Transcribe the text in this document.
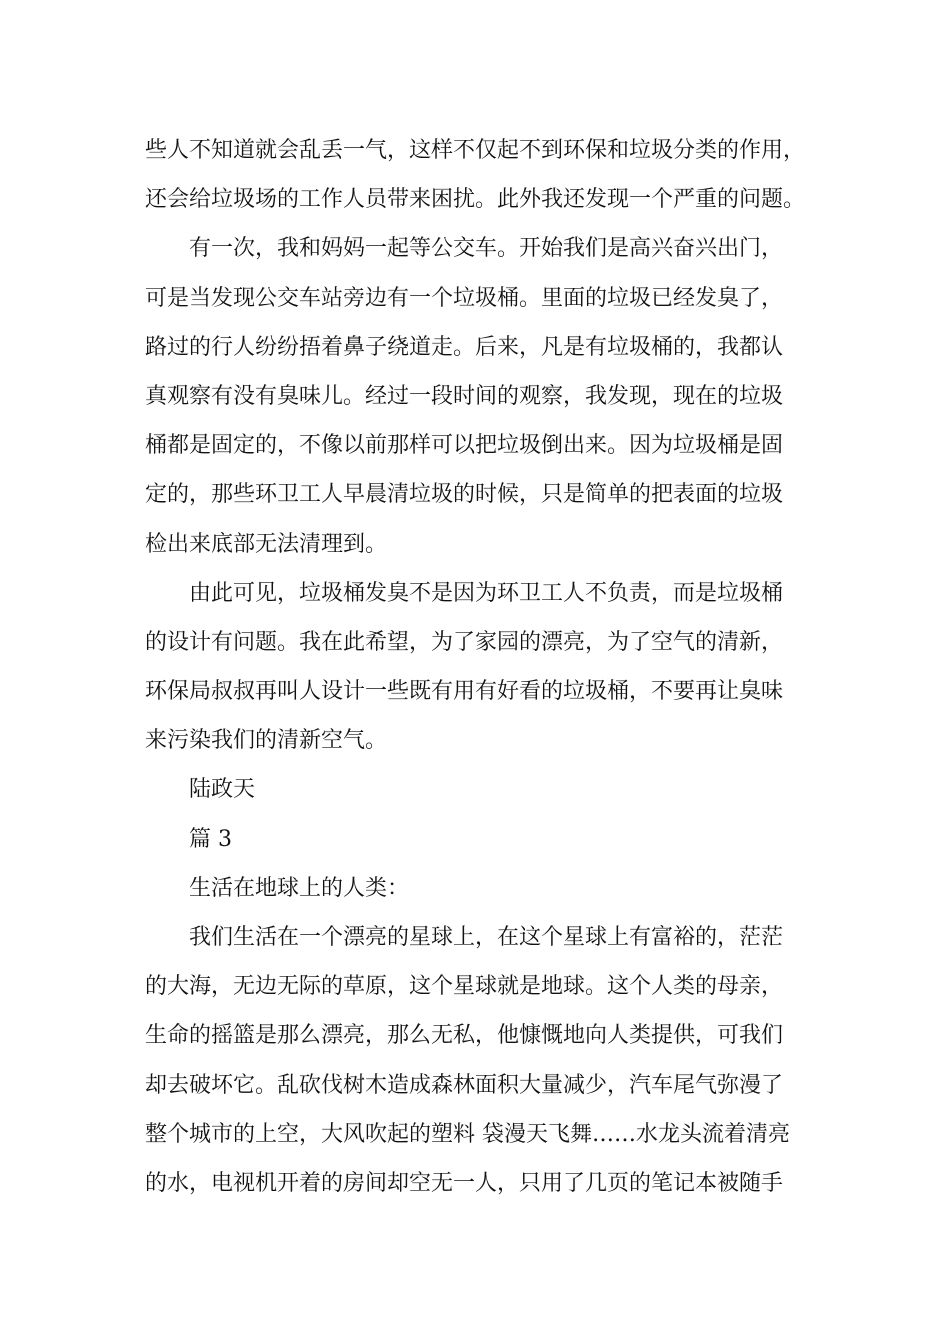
些人不知道就会乱丢一气，这样不仅起不到环保和垃圾分类的作用，
还会给垃圾场的工作人员带来困扰。此外我还发现一个严重的问题。
有一次，我和妈妈一起等公交车。开始我们是高兴奋兴出门，
可是当发现公交车站旁边有一个垃圾桶。里面的垃圾已经发臭了，
路过的行人纷纷捂着鼻子绕道走。后来，凡是有垃圾桶的，我都认
真观察有没有臭味儿。经过一段时间的观察，我发现，现在的垃圾
桶都是固定的，不像以前那样可以把垃圾倒出来。因为垃圾桶是固
定的，那些环卫工人早晨清垃圾的时候，只是简单的把表面的垃圾
检出来底部无法清理到。
由此可见，垃圾桶发臭不是因为环卫工人不负责，而是垃圾桶
的设计有问题。我在此希望，为了家园的漂亮，为了空气的清新，
环保局叔叔再叫人设计一些既有用有好看的垃圾桶，不要再让臭味
来污染我们的清新空气。
陆政天
篇 3
生活在地球上的人类：
我们生活在一个漂亮的星球上，在这个星球上有富裕的，茫茫
的大海，无边无际的草原，这个星球就是地球。这个人类的母亲，
生命的摇篮是那么漂亮，那么无私，他慷慨地向人类提供，可我们
却去破坏它。乱砍伐树木造成森林面积大量减少，汽车尾气弥漫了
整个城市的上空，大风吹起的塑料 袋漫天飞舞……水龙头流着清亮
的水，电视机开着的房间却空无一人，只用了几页的笔记本被随手
